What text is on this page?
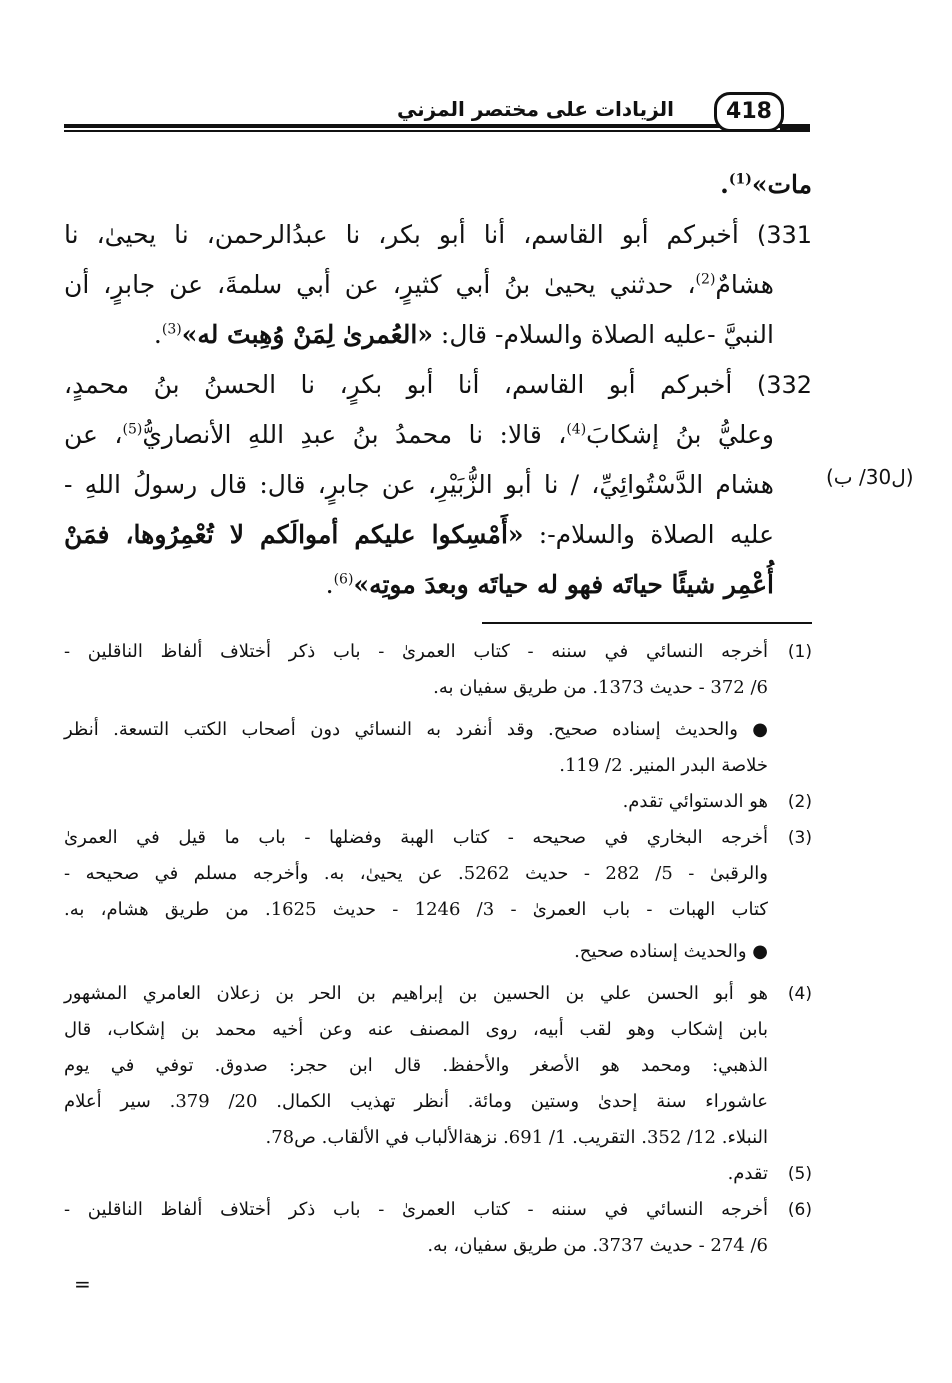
الزيادات على مختصر المزني	418
مات»$^{(1)}$.
331) أخبركم أبو القاسم، أنا أبو بكر، نا عبدُالرحمن، نا يحيىٰ، نا
هشامٌ$^{(2)}$، حدثني يحيىٰ بنُ أبي كثيرٍ، عن أبي سلمةَ، عن جابرٍ، أن
النبيَّ -عليه الصلاة والسلام- قال: «العُمرىٰ لِمَنْ وُهِبتَ له»$^{(3)}$.
332) أخبركم أبو القاسم، أنا أبو بكرٍ، نا الحسنُ بنُ محمدٍ،
وعليُّ بنُ إشكابَ$^{(4)}$، قالا: نا محمدُ بنُ عبدِ اللهِ الأنصاريُّ$^{(5)}$، عن
هشام الدَّسْتُوائِيِّ، / نا أبو الزُّبَيْرِ، عن جابرٍ، قال: قال رسولُ اللهِ -
عليه الصلاة والسلام-: «أَمْسِكوا عليكم أموالَكم لا تُعْمِرُوها، فمَنْ
أُعْمِر شيئًا حياتَه فهو له حياتَه وبعدَ موتِه»$^{(6)}$.
(ل30/ ب)
(1)أخرجه النسائي في سننه - كتاب العمرىٰ - باب ذكر أختلاف ألفاظ الناقلين -
6/ 372 - حديث 1373. من طريق سفيان به.
● والحديث إسناده صحيح. وقد أنفرد به النسائي دون أصحاب الكتب التسعة. أنظر
خلاصة البدر المنير. 2/ 119.
(2)هو الدستوائي تقدم.
(3)أخرجه البخاري في صحيحه - كتاب الهبة وفضلها - باب ما قيل في العمرىٰ
والرقبىٰ - 5/ 282 - حديث 5262. عن يحيىٰ، به. وأخرجه مسلم في صحيحه -
كتاب الهبات - باب العمرىٰ - 3/ 1246 - حديث 1625. من طريق هشام، به.
● والحديث إسناده صحيح.
(4)هو أبو الحسن علي بن الحسين بن إبراهيم بن الحر بن زعلان العامري المشهور
بابن إشكاب وهو لقب أبيه، روى المصنف عنه وعن أخيه محمد بن إشكاب، قال
الذهبي: ومحمد هو الأصغر والأحفظ. قال ابن حجر: صدوق. توفي في يوم
عاشوراء سنة إحدىٰ وستين ومائة. أنظر تهذيب الكمال. 20/ 379. سير أعلام
النبلاء. 12/ 352. التقريب. 1/ 691. نزهةالألباب في الألقاب. ص78.
(5)تقدم.
(6)أخرجه النسائي في سننه - كتاب العمرىٰ - باب ذكر أختلاف ألفاظ الناقلين -
6/ 274 - حديث 3737. من طريق سفيان، به.
=
